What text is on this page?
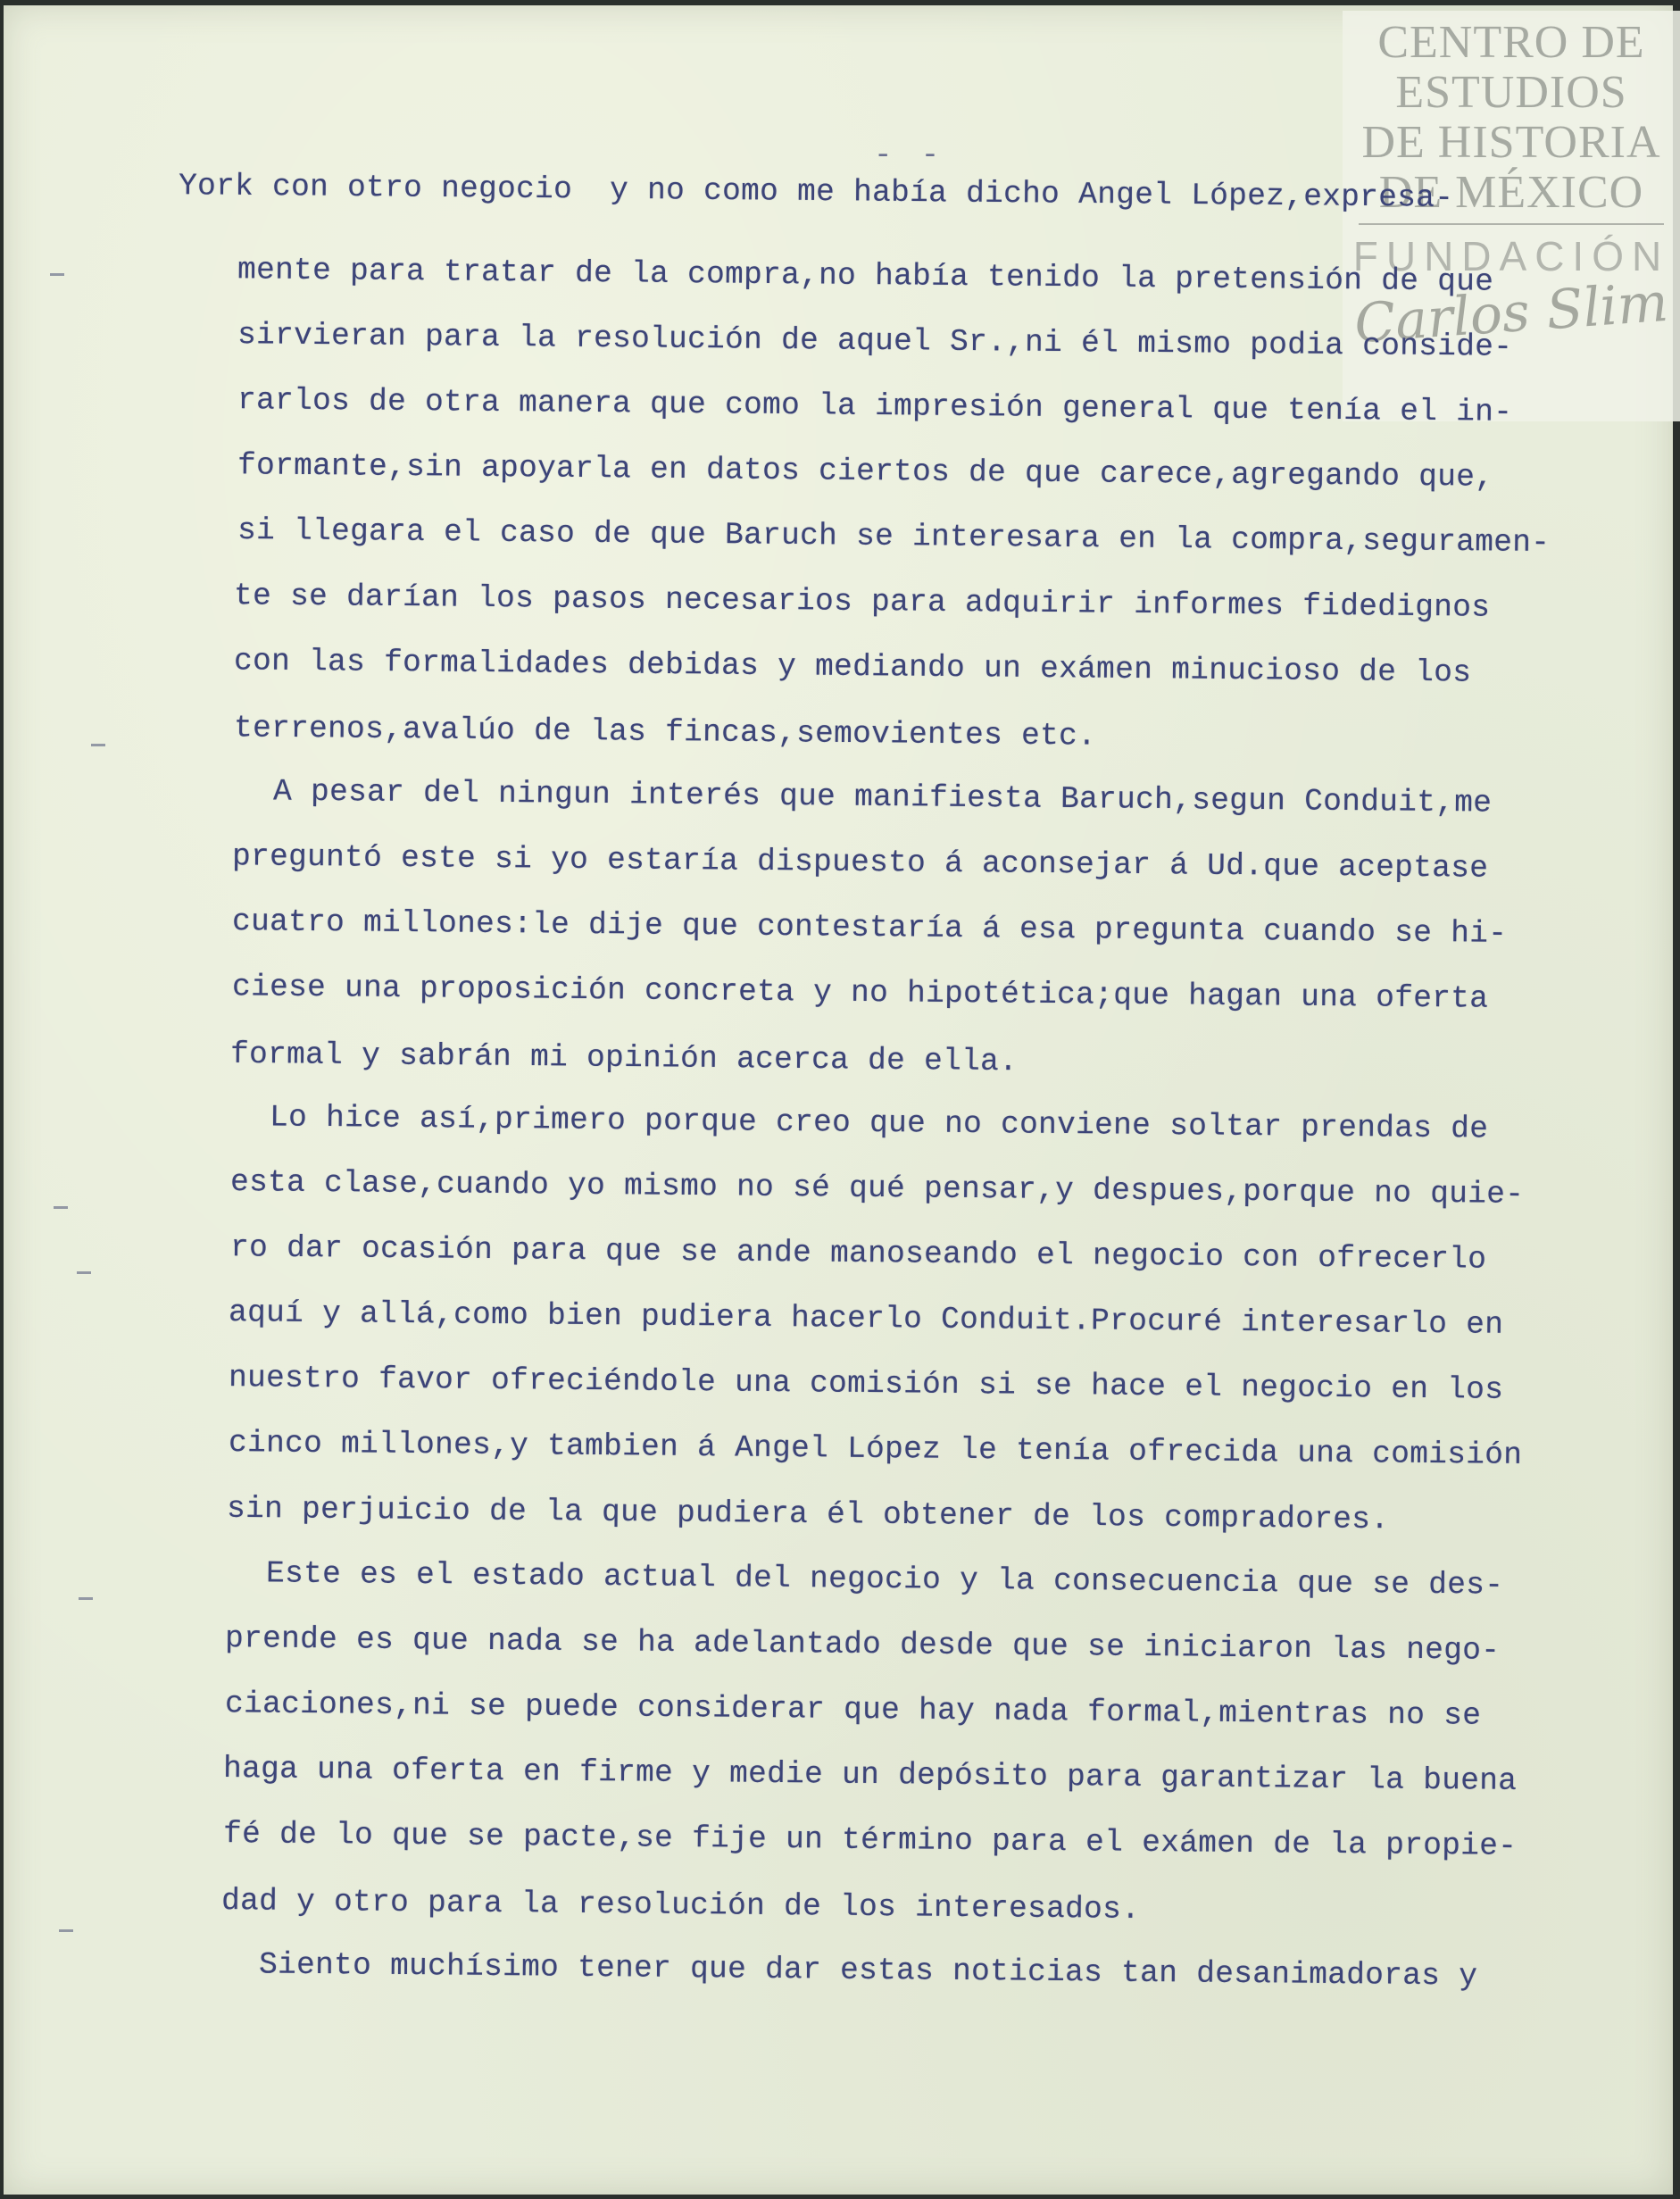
CENTRO DE
ESTUDIOS
DE HISTORIA
DE MÉXICO
FUNDACIÓN
Carlos Slim
- -
York con otro negocio  y no como me había dicho Angel López,expresa-
mente para tratar de la compra,no había tenido la pretensión de que
sirvieran para la resolución de aquel Sr.,ni él mismo podia conside-
rarlos de otra manera que como la impresión general que tenía el in-
formante,sin apoyarla en datos ciertos de que carece,agregando que,
si llegara el caso de que Baruch se interesara en la compra,seguramen-
te se darían los pasos necesarios para adquirir informes fidedignos
con las formalidades debidas y mediando un exámen minucioso de los
terrenos,avalúo de las fincas,semovientes etc.
A pesar del ningun interés que manifiesta Baruch,segun Conduit,me
preguntó este si yo estaría dispuesto á aconsejar á Ud.que aceptase
cuatro millones:le dije que contestaría á esa pregunta cuando se hi-
ciese una proposición concreta y no hipotética;que hagan una oferta
formal y sabrán mi opinión acerca de ella.
Lo hice así,primero porque creo que no conviene soltar prendas de
esta clase,cuando yo mismo no sé qué pensar,y despues,porque no quie-
ro dar ocasión para que se ande manoseando el negocio con ofrecerlo
aquí y allá,como bien pudiera hacerlo Conduit.Procuré interesarlo en
nuestro favor ofreciéndole una comisión si se hace el negocio en los
cinco millones,y tambien á Angel López le tenía ofrecida una comisión
sin perjuicio de la que pudiera él obtener de los compradores.
Este es el estado actual del negocio y la consecuencia que se des-
prende es que nada se ha adelantado desde que se iniciaron las nego-
ciaciones,ni se puede considerar que hay nada formal,mientras no se
haga una oferta en firme y medie un depósito para garantizar la buena
fé de lo que se pacte,se fije un término para el exámen de la propie-
dad y otro para la resolución de los interesados.
Siento muchísimo tener que dar estas noticias tan desanimadoras y
